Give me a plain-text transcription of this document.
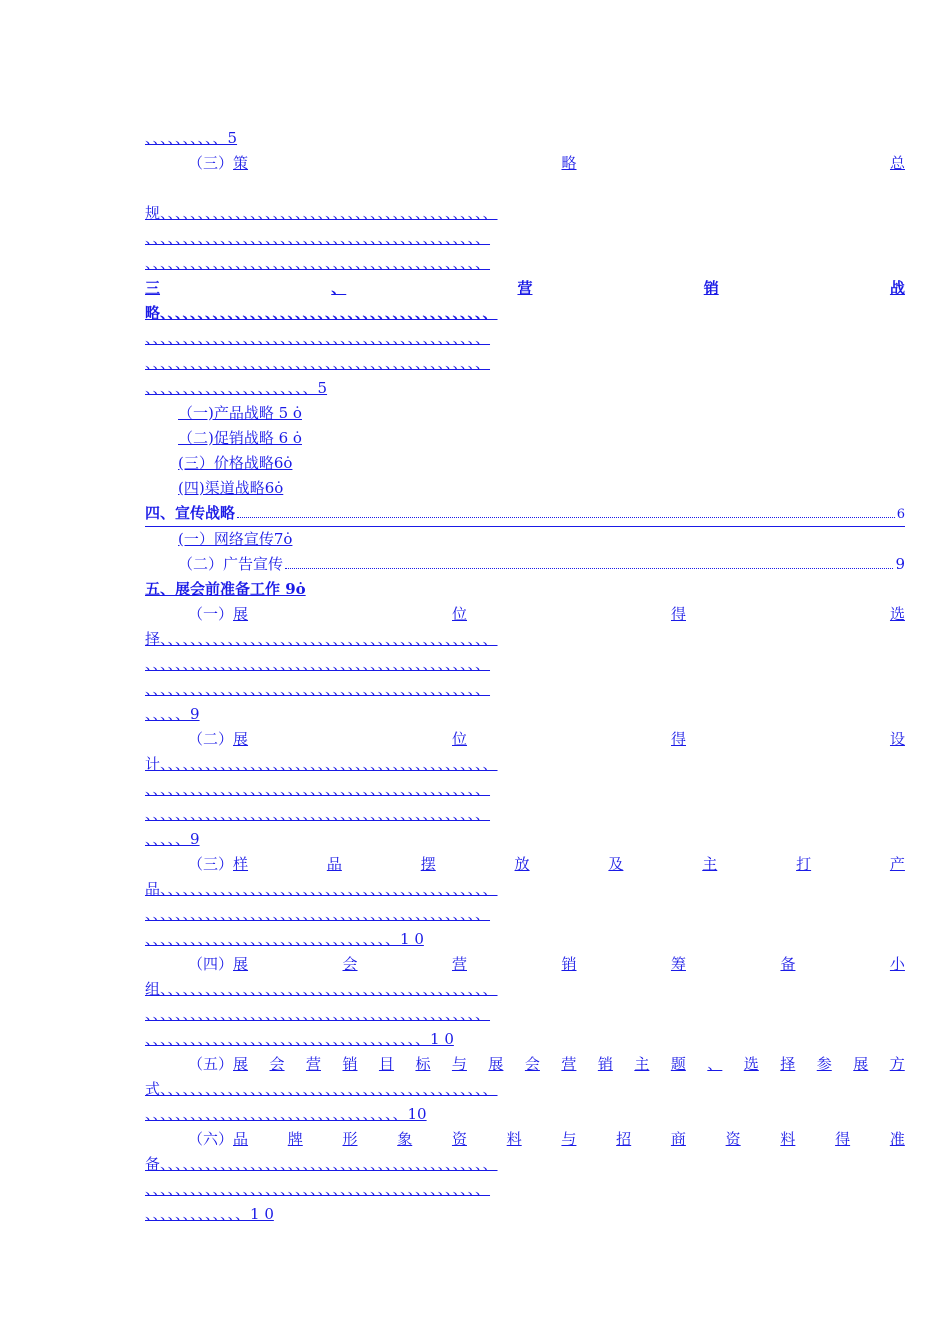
、、、、、、、、、、5
（三） 策	略	总
规、、、、、、、、、、、、、、、、、、、、、、、、、、、、、、、、、、、、、、、、、、、、
、、、、、、、、、、、、、、、、、、、、、、、、、、、、、、、、、、、、、、、、、、、、、
、、、、、、、、、、、、、、、、、、、、、、、、、、、、、、、、、、、、、、、、、、、、、
三	、	营	销	战
略、、、、、、、、、、、、、、、、、、、、、、、、、、、、、、、、、、、、、、、、、、、、
、、、、、、、、、、、、、、、、、、、、、、、、、、、、、、、、、、、、、、、、、、、、、
、、、、、、、、、、、、、、、、、、、、、、、、、、、、、、、、、、、、、、、、、、、、、
、、、、、、、、、、、、、、、、、、、、、、5
（一)产品战略 5 ȯ
（二)促销战略 6 ȯ
(三）价格战略6ȯ
(四)渠道战略6ȯ
四、宣传战略	6
(一）网络宣传7ȯ
（二）广告宣传	9
五、展会前准备工作 9ȯ
（一） 展	位	得	选
择、、、、、、、、、、、、、、、、、、、、、、、、、、、、、、、、、、、、、、、、、、、、
、、、、、、、、、、、、、、、、、、、、、、、、、、、、、、、、、、、、、、、、、、、、、
、、、、、、、、、、、、、、、、、、、、、、、、、、、、、、、、、、、、、、、、、、、、、
、、、、、9
（二） 展	位	得	设
计、、、、、、、、、、、、、、、、、、、、、、、、、、、、、、、、、、、、、、、、、、、、
、、、、、、、、、、、、、、、、、、、、、、、、、、、、、、、、、、、、、、、、、、、、、
、、、、、、、、、、、、、、、、、、、、、、、、、、、、、、、、、、、、、、、、、、、、、
、、、、、9
（三） 样	品	摆	放	及	主	打	产
品、、、、、、、、、、、、、、、、、、、、、、、、、、、、、、、、、、、、、、、、、、、、
、、、、、、、、、、、、、、、、、、、、、、、、、、、、、、、、、、、、、、、、、、、、、
、、、、、、、、、、、、、、、、、、、、、、、、、、、、、、、、、1 0
（四） 展	会	营	销	筹	备	小
组、、、、、、、、、、、、、、、、、、、、、、、、、、、、、、、、、、、、、、、、、、、、
、、、、、、、、、、、、、、、、、、、、、、、、、、、、、、、、、、、、、、、、、、、、、
、、、、、、、、、、、、、、、、、、、、、、、、、、、、、、、、、、、、、1 0
（五） 展 会 营 销 目 标 与 展 会 营 销 主 题 、 选 择 参 展 方
式、、、、、、、、、、、、、、、、、、、、、、、、、、、、、、、、、、、、、、、、、、、、
、、、、、、、、、、、、、、、、、、、、、、、、、、、、、、、、、、10
（六） 品	牌	形	象	资	料	与	招	商	资	料	得	准
备、、、、、、、、、、、、、、、、、、、、、、、、、、、、、、、、、、、、、、、、、、、、
、、、、、、、、、、、、、、、、、、、、、、、、、、、、、、、、、、、、、、、、、、、、、
、、、、、、、、、、、、、1 0
